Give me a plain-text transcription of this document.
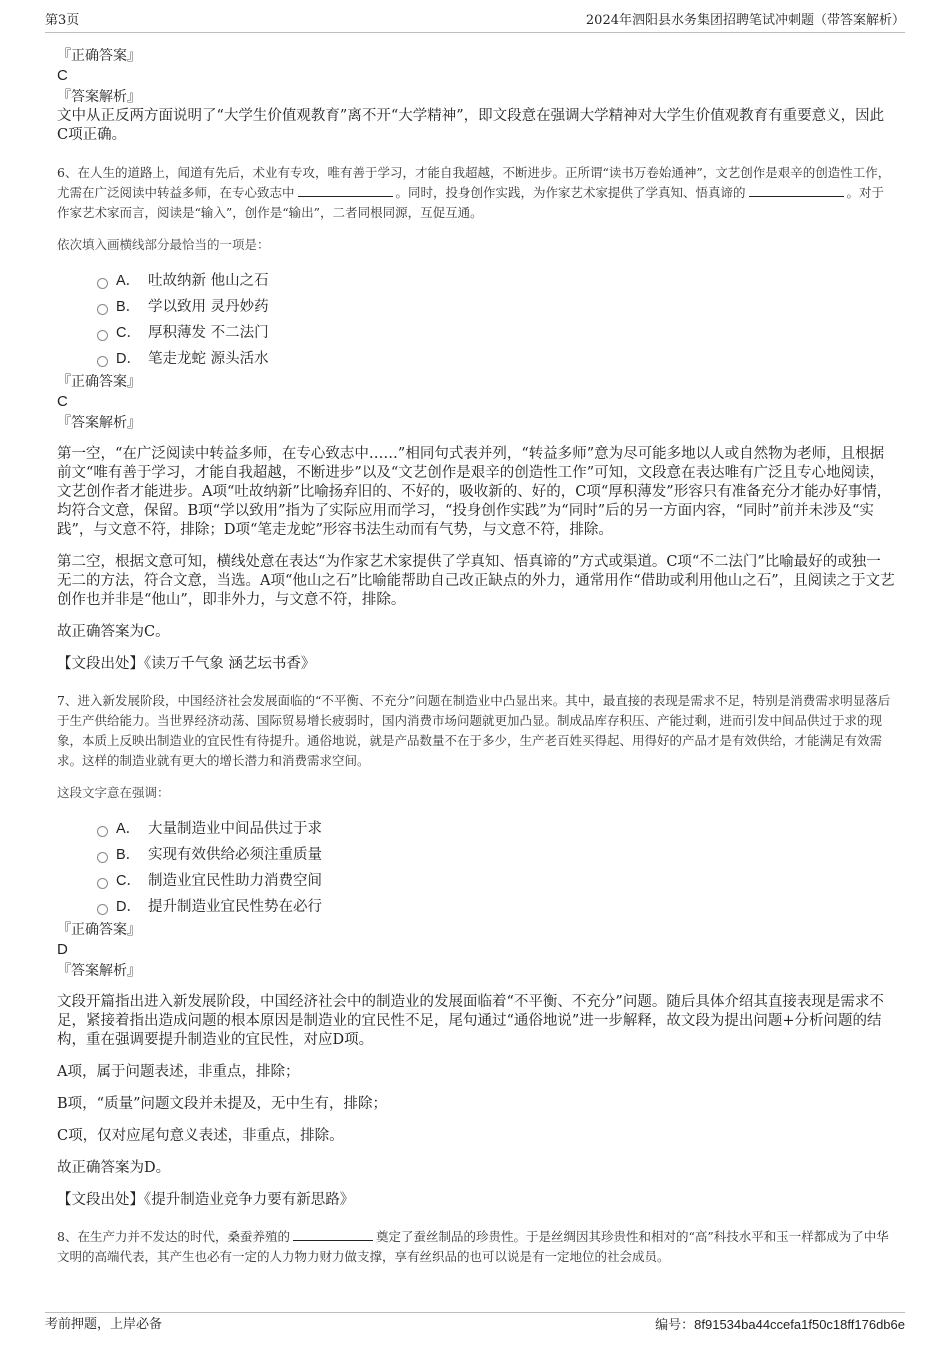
第3页	2024年泗阳县水务集团招聘笔试冲刺题（带答案解析）

『正确答案』

C

『答案解析』

文中从正反两方面说明了“大学生价值观教育”离不开“大学精神”，即文段意在强调大学精神对大学生价值观教育有重要意义，因此C项正确。

6、在人生的道路上，闻道有先后，术业有专攻，唯有善于学习，才能自我超越，不断进步。正所谓“读书万卷始通神”，文艺创作是艰辛的创造性工作，尤需在广泛阅读中转益多师，在专心致志中	。同时，投身创作实践，为作家艺术家提供了学真知、悟真谛的	。对于作家艺术家而言，阅读是“输入”，创作是“输出”，二者同根同源，互促互通。

依次填入画横线部分最恰当的一项是：

A． 吐故纳新 他山之石
B． 学以致用 灵丹妙药
C． 厚积薄发 不二法门
D． 笔走龙蛇 源头活水

『正确答案』

C

『答案解析』

第一空，“在广泛阅读中转益多师，在专心致志中……”相同句式表并列，“转益多师”意为尽可能多地以人或自然物为老师，且根据前文“唯有善于学习，才能自我超越，不断进步”以及“文艺创作是艰辛的创造性工作”可知，文段意在表达唯有广泛且专心地阅读，文艺创作者才能进步。A项“吐故纳新”比喻扬弃旧的、不好的，吸收新的、好的，C项“厚积薄发”形容只有准备充分才能办好事情，均符合文意，保留。B项“学以致用”指为了实际应用而学习，“投身创作实践”为“同时”后的另一方面内容，“同时”前并未涉及“实践”，与文意不符，排除；D项“笔走龙蛇”形容书法生动而有气势，与文意不符，排除。

第二空，根据文意可知，横线处意在表达“为作家艺术家提供了学真知、悟真谛的”方式或渠道。C项“不二法门”比喻最好的或独一无二的方法，符合文意，当选。A项“他山之石”比喻能帮助自己改正缺点的外力，通常用作“借助或利用他山之石”，且阅读之于文艺创作也并非是“他山”，即非外力，与文意不符，排除。

故正确答案为C。

【文段出处】《读万千气象 涵艺坛书香》

7、进入新发展阶段，中国经济社会发展面临的“不平衡、不充分”问题在制造业中凸显出来。其中，最直接的表现是需求不足，特别是消费需求明显落后于生产供给能力。当世界经济动荡、国际贸易增长疲弱时，国内消费市场问题就更加凸显。制成品库存积压、产能过剩，进而引发中间品供过于求的现象，本质上反映出制造业的宜民性有待提升。通俗地说，就是产品数量不在于多少，生产老百姓买得起、用得好的产品才是有效供给，才能满足有效需求。这样的制造业就有更大的增长潜力和消费需求空间。

这段文字意在强调：

A． 大量制造业中间品供过于求
B． 实现有效供给必须注重质量
C． 制造业宜民性助力消费空间
D． 提升制造业宜民性势在必行

『正确答案』

D

『答案解析』

文段开篇指出进入新发展阶段，中国经济社会中的制造业的发展面临着“不平衡、不充分”问题。随后具体介绍其直接表现是需求不足，紧接着指出造成问题的根本原因是制造业的宜民性不足，尾句通过“通俗地说”进一步解释，故文段为提出问题+分析问题的结构，重在强调要提升制造业的宜民性，对应D项。

A项，属于问题表述，非重点，排除；

B项，“质量”问题文段并未提及，无中生有，排除；

C项，仅对应尾句意义表述，非重点，排除。

故正确答案为D。

【文段出处】《提升制造业竞争力要有新思路》

8、在生产力并不发达的时代，桑蚕养殖的	奠定了蚕丝制品的珍贵性。于是丝绸因其珍贵性和相对的“高”科技水平和玉一样都成为了中华文明的高端代表，其产生也必有一定的人力物力财力做支撑，享有丝织品的也可以说是有一定地位的社会成员。

考前押题，上岸必备	编号：8f91534ba44ccefa1f50c18ff176db6e
